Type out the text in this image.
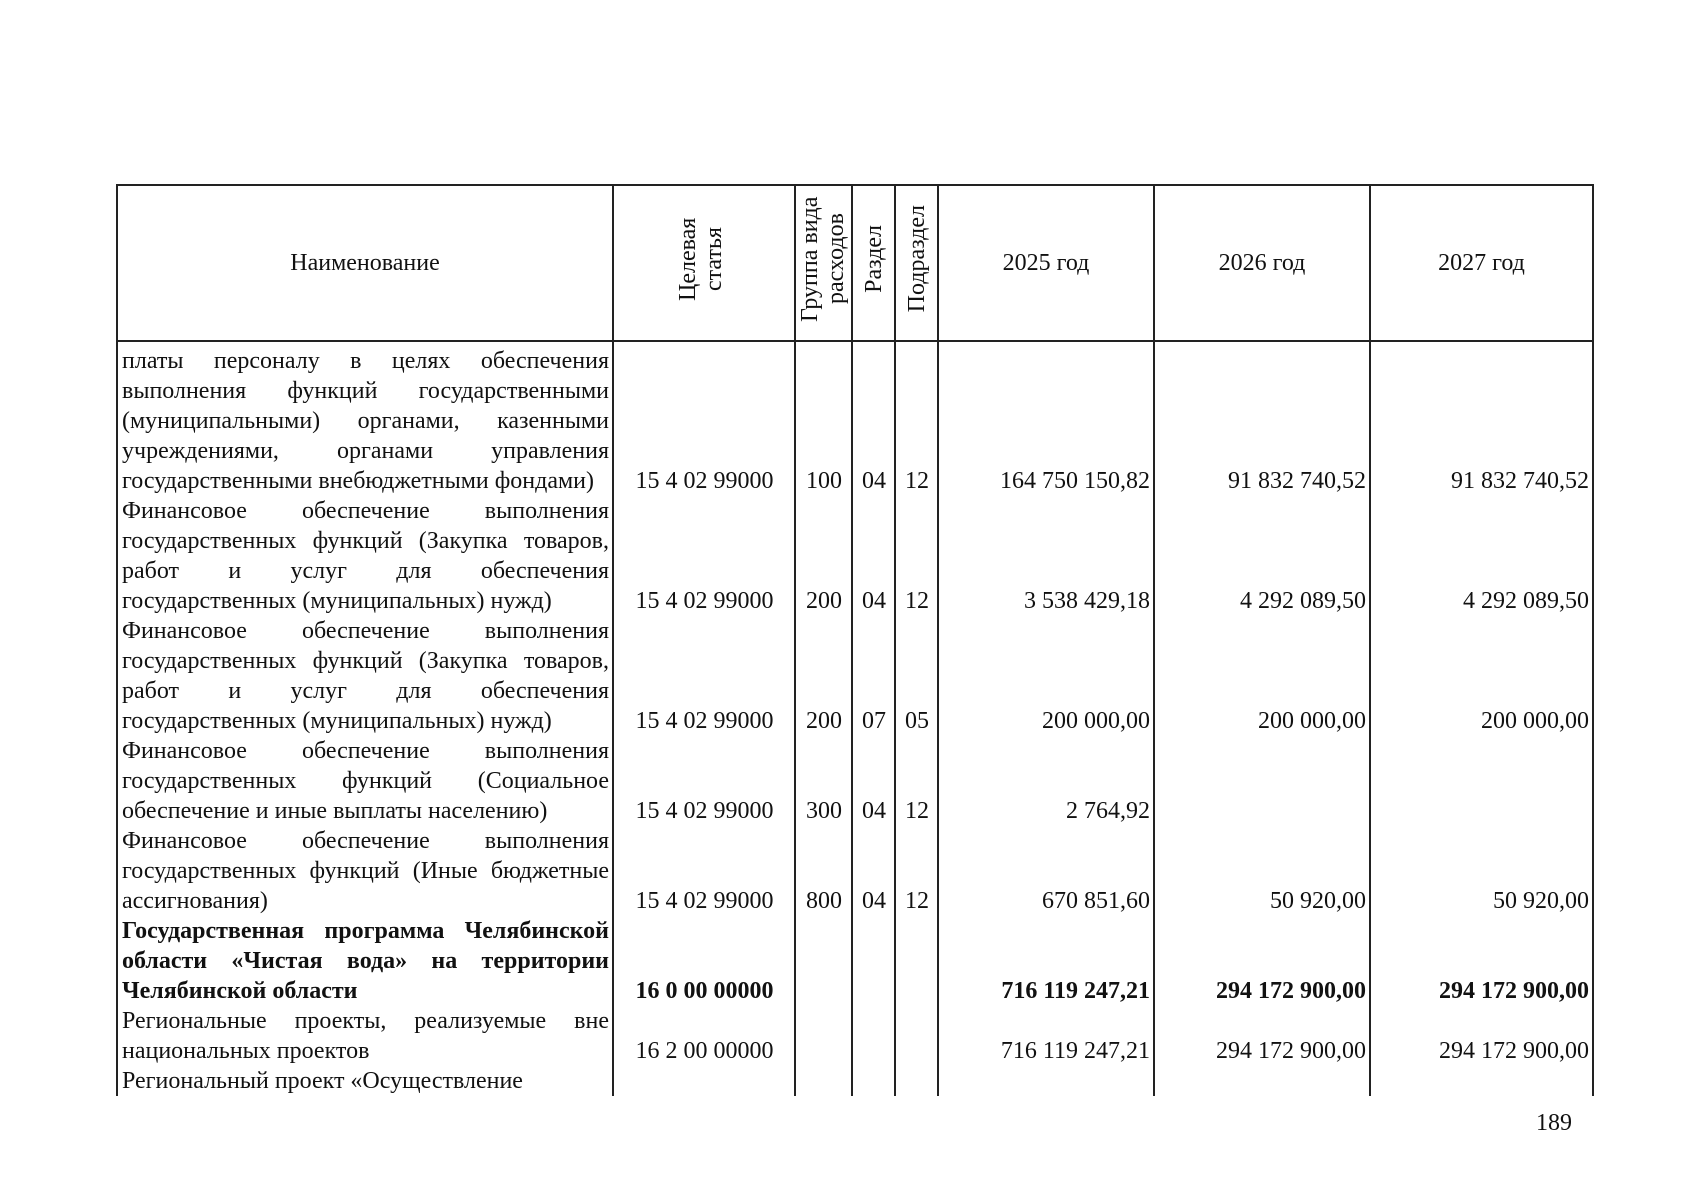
Наименование	Целевая статья	Группа вида расходов	Раздел	Подраздел	2025 год	2026 год	2027 год

платы персоналу в целях обеспечения выполнения функций государственными (муниципальными) органами, казенными учреждениями, органами управления государственными внебюджетными фондами)	15 4 02 99000	100	04	12	164 750 150,82	91 832 740,52	91 832 740,52
Финансовое обеспечение выполнения государственных функций (Закупка товаров, работ и услуг для обеспечения государственных (муниципальных) нужд)	15 4 02 99000	200	04	12	3 538 429,18	4 292 089,50	4 292 089,50
Финансовое обеспечение выполнения государственных функций (Закупка товаров, работ и услуг для обеспечения государственных (муниципальных) нужд)	15 4 02 99000	200	07	05	200 000,00	200 000,00	200 000,00
Финансовое обеспечение выполнения государственных функций (Социальное обеспечение и иные выплаты населению)	15 4 02 99000	300	04	12	2 764,92		
Финансовое обеспечение выполнения государственных функций (Иные бюджетные ассигнования)	15 4 02 99000	800	04	12	670 851,60	50 920,00	50 920,00
Государственная программа Челябинской области «Чистая вода» на территории Челябинской области	16 0 00 00000				716 119 247,21	294 172 900,00	294 172 900,00
Региональные проекты, реализуемые вне национальных проектов	16 2 00 00000				716 119 247,21	294 172 900,00	294 172 900,00
Региональный проект «Осуществление							
189
